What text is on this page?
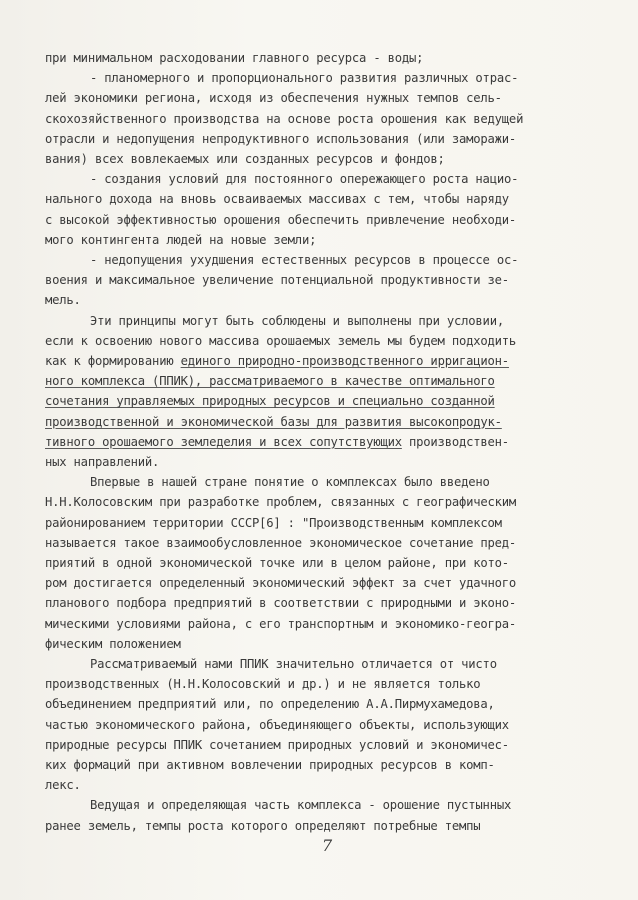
при минимальном расходовании главного ресурса - воды;
- планомерного и пропорционального развития различных отрас-
лей экономики региона, исходя из обеспечения нужных темпов сель-
скохозяйственного производства на основе роста орошения как ведущей
отрасли и недопущения непродуктивного использования (или заморажи-
вания) всех вовлекаемых или созданных ресурсов и фондов;
- создания условий для постоянного опережающего роста нацио-
нального дохода на вновь осваиваемых массивах с тем, чтобы наряду
с высокой эффективностью орошения обеспечить привлечение необходи-
мого контингента людей на новые земли;
- недопущения ухудшения естественных ресурсов в процессе ос-
воения и максимальное увеличение потенциальной продуктивности зе-
мель.
Эти принципы могут быть соблюдены и выполнены при условии,
если к освоению нового массива орошаемых земель мы будем подходить
как к формированию единого природно-производственного ирригацион-
ного комплекса (ППИК), рассматриваемого в качестве оптимального
сочетания управляемых природных ресурсов и специально созданной
производственной и экономической базы для развития высокопродук-
тивного орошаемого земледелия и всех сопутствующих производствен-
ных направлений.
Впервые в нашей стране понятие о комплексах было введено
Н.Н.Колосовским при разработке проблем, связанных с географическим
районированием территории СССР[6] : "Производственным комплексом
называется такое взаимообусловленное экономическое сочетание пред-
приятий в одной экономической точке или в целом районе, при кото-
ром достигается определенный экономический эффект за счет удачного
планового подбора предприятий в соответствии с природными и эконо-
мическими условиями района, с его транспортным и экономико-геогра-
фическим положением
Рассматриваемый нами ППИК значительно отличается от чисто
производственных (Н.Н.Колосовский и др.) и не является только
объединением предприятий или, по определению А.А.Пирмухамедова,
частью экономического района, объединяющего объекты, использующих
природные ресурсы ППИК сочетанием природных условий и экономичес-
ких формаций при активном вовлечении природных ресурсов в комп-
лекс.
Ведущая и определяющая часть комплекса - орошение пустынных
ранее земель, темпы роста которого определяют потребные темпы
7
